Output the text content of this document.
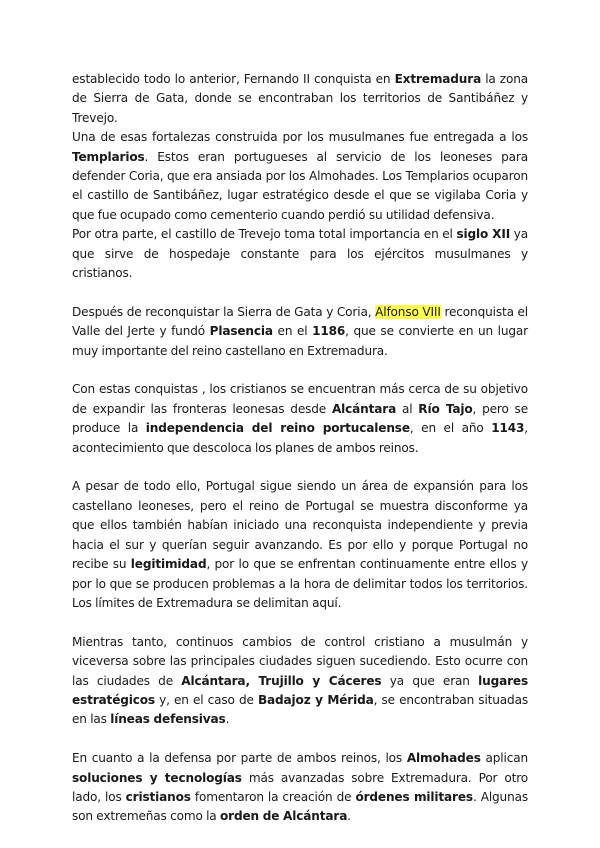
establecido todo lo anterior, Fernando II conquista en Extremadura la zona de Sierra de Gata, donde se encontraban los territorios de Santibáñez y Trevejo.

Una de esas fortalezas construida por los musulmanes fue entregada a los Templarios. Estos eran portugueses al servicio de los leoneses para defender Coria, que era ansiada por los Almohades. Los Templarios ocuparon el castillo de Santibáñez, lugar estratégico desde el que se vigilaba Coria y que fue ocupado como cementerio cuando perdió su utilidad defensiva.

Por otra parte, el castillo de Trevejo toma total importancia en el siglo XII ya que sirve de hospedaje constante para los ejércitos musulmanes y cristianos.

Después de reconquistar la Sierra de Gata y Coria, Alfonso VIII reconquista el Valle del Jerte y fundó Plasencia en el 1186, que se convierte en un lugar muy importante del reino castellano en Extremadura.

Con estas conquistas , los cristianos se encuentran más cerca de su objetivo de expandir las fronteras leonesas desde Alcántara al Río Tajo, pero se produce la independencia del reino portucalense, en el año 1143, acontecimiento que descoloca los planes de ambos reinos.

A pesar de todo ello, Portugal sigue siendo un área de expansión para los castellano leoneses, pero el reino de Portugal se muestra disconforme ya que ellos también habían iniciado una reconquista independiente y previa hacia el sur y querían seguir avanzando. Es por ello y porque Portugal no recibe su legitimidad, por lo que se enfrentan continuamente entre ellos y por lo que se producen problemas a la hora de delimitar todos los territorios. Los límites de Extremadura se delimitan aquí.

Mientras tanto, continuos cambios de control cristiano a musulmán y viceversa sobre las principales ciudades siguen sucediendo. Esto ocurre con las ciudades de Alcántara, Trujillo y Cáceres ya que eran lugares estratégicos y, en el caso de Badajoz y Mérida, se encontraban situadas en las líneas defensivas.

En cuanto a la defensa por parte de ambos reinos, los Almohades aplican soluciones y tecnologías más avanzadas sobre Extremadura. Por otro lado, los cristianos fomentaron la creación de órdenes militares. Algunas son extremeñas como la orden de Alcántara.
